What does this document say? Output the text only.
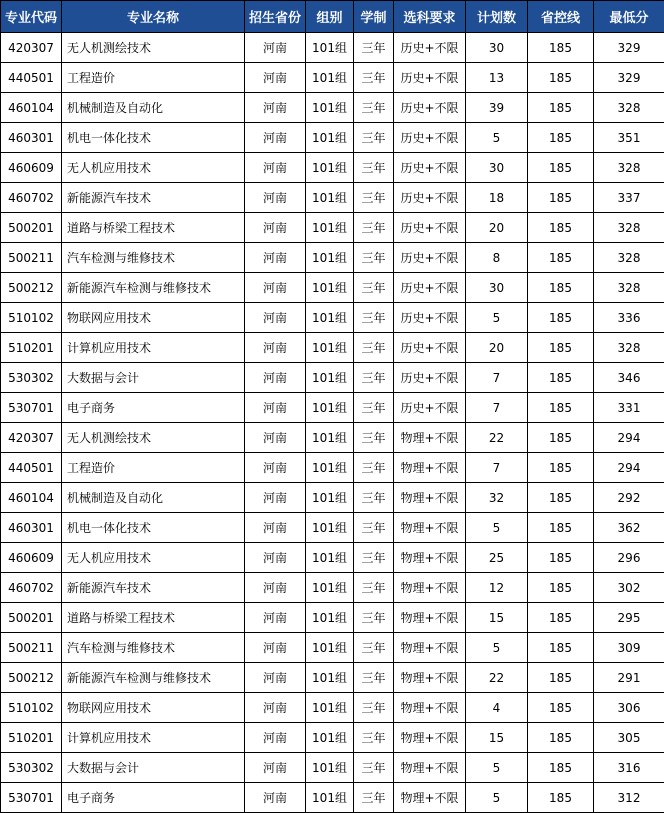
专业代码	专业名称	招生省份	组别	学制	选科要求	计划数	省控线	最低分
420307	无人机测绘技术	河南	101组	三年	历史+不限	30	185	329
440501	工程造价	河南	101组	三年	历史+不限	13	185	329
460104	机械制造及自动化	河南	101组	三年	历史+不限	39	185	328
460301	机电一体化技术	河南	101组	三年	历史+不限	5	185	351
460609	无人机应用技术	河南	101组	三年	历史+不限	30	185	328
460702	新能源汽车技术	河南	101组	三年	历史+不限	18	185	337
500201	道路与桥梁工程技术	河南	101组	三年	历史+不限	20	185	328
500211	汽车检测与维修技术	河南	101组	三年	历史+不限	8	185	328
500212	新能源汽车检测与维修技术	河南	101组	三年	历史+不限	30	185	328
510102	物联网应用技术	河南	101组	三年	历史+不限	5	185	336
510201	计算机应用技术	河南	101组	三年	历史+不限	20	185	328
530302	大数据与会计	河南	101组	三年	历史+不限	7	185	346
530701	电子商务	河南	101组	三年	历史+不限	7	185	331
420307	无人机测绘技术	河南	101组	三年	物理+不限	22	185	294
440501	工程造价	河南	101组	三年	物理+不限	7	185	294
460104	机械制造及自动化	河南	101组	三年	物理+不限	32	185	292
460301	机电一体化技术	河南	101组	三年	物理+不限	5	185	362
460609	无人机应用技术	河南	101组	三年	物理+不限	25	185	296
460702	新能源汽车技术	河南	101组	三年	物理+不限	12	185	302
500201	道路与桥梁工程技术	河南	101组	三年	物理+不限	15	185	295
500211	汽车检测与维修技术	河南	101组	三年	物理+不限	5	185	309
500212	新能源汽车检测与维修技术	河南	101组	三年	物理+不限	22	185	291
510102	物联网应用技术	河南	101组	三年	物理+不限	4	185	306
510201	计算机应用技术	河南	101组	三年	物理+不限	15	185	305
530302	大数据与会计	河南	101组	三年	物理+不限	5	185	316
530701	电子商务	河南	101组	三年	物理+不限	5	185	312
